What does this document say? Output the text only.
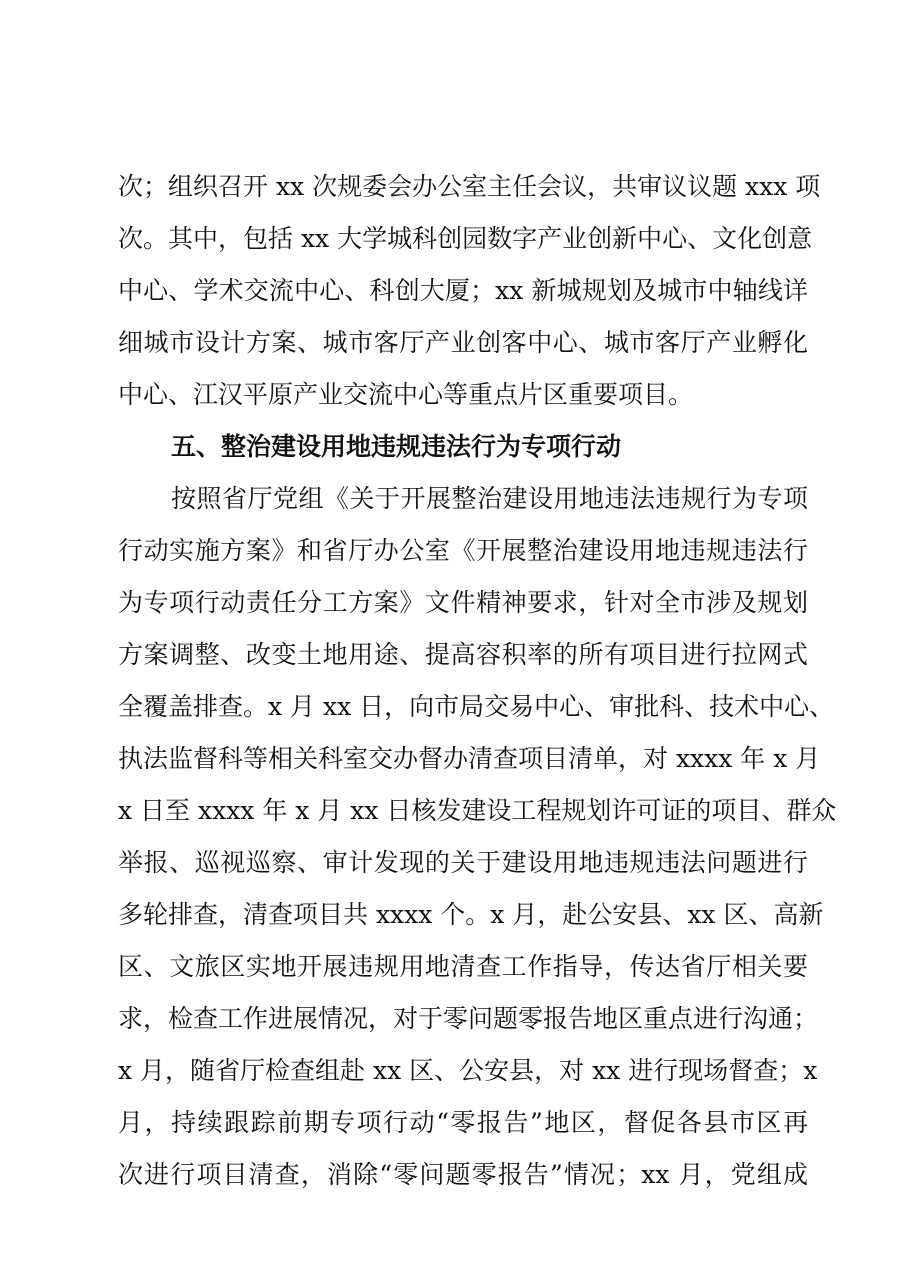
次；组织召开 xx 次规委会办公室主任会议，共审议议题 xxx 项
次。其中，包括 xx 大学城科创园数字产业创新中心、文化创意
中心、学术交流中心、科创大厦；xx 新城规划及城市中轴线详
细城市设计方案、城市客厅产业创客中心、城市客厅产业孵化
中心、江汉平原产业交流中心等重点片区重要项目。
五、整治建设用地违规违法行为专项行动
按照省厅党组《关于开展整治建设用地违法违规行为专项
行动实施方案》和省厅办公室《开展整治建设用地违规违法行
为专项行动责任分工方案》文件精神要求，针对全市涉及规划
方案调整、改变土地用途、提高容积率的所有项目进行拉网式
全覆盖排查。x 月 xx 日，向市局交易中心、审批科、技术中心、
执法监督科等相关科室交办督办清查项目清单，对 xxxx 年 x 月
x 日至 xxxx 年 x 月 xx 日核发建设工程规划许可证的项目、群众
举报、巡视巡察、审计发现的关于建设用地违规违法问题进行
多轮排查，清查项目共 xxxx 个。x 月，赴公安县、xx 区、高新
区、文旅区实地开展违规用地清查工作指导，传达省厅相关要
求，检查工作进展情况，对于零问题零报告地区重点进行沟通；
x 月，随省厅检查组赴 xx 区、公安县，对 xx 进行现场督查；x
月，持续跟踪前期专项行动“零报告”地区，督促各县市区再
次进行项目清查，消除“零问题零报告”情况；xx 月，党组成
